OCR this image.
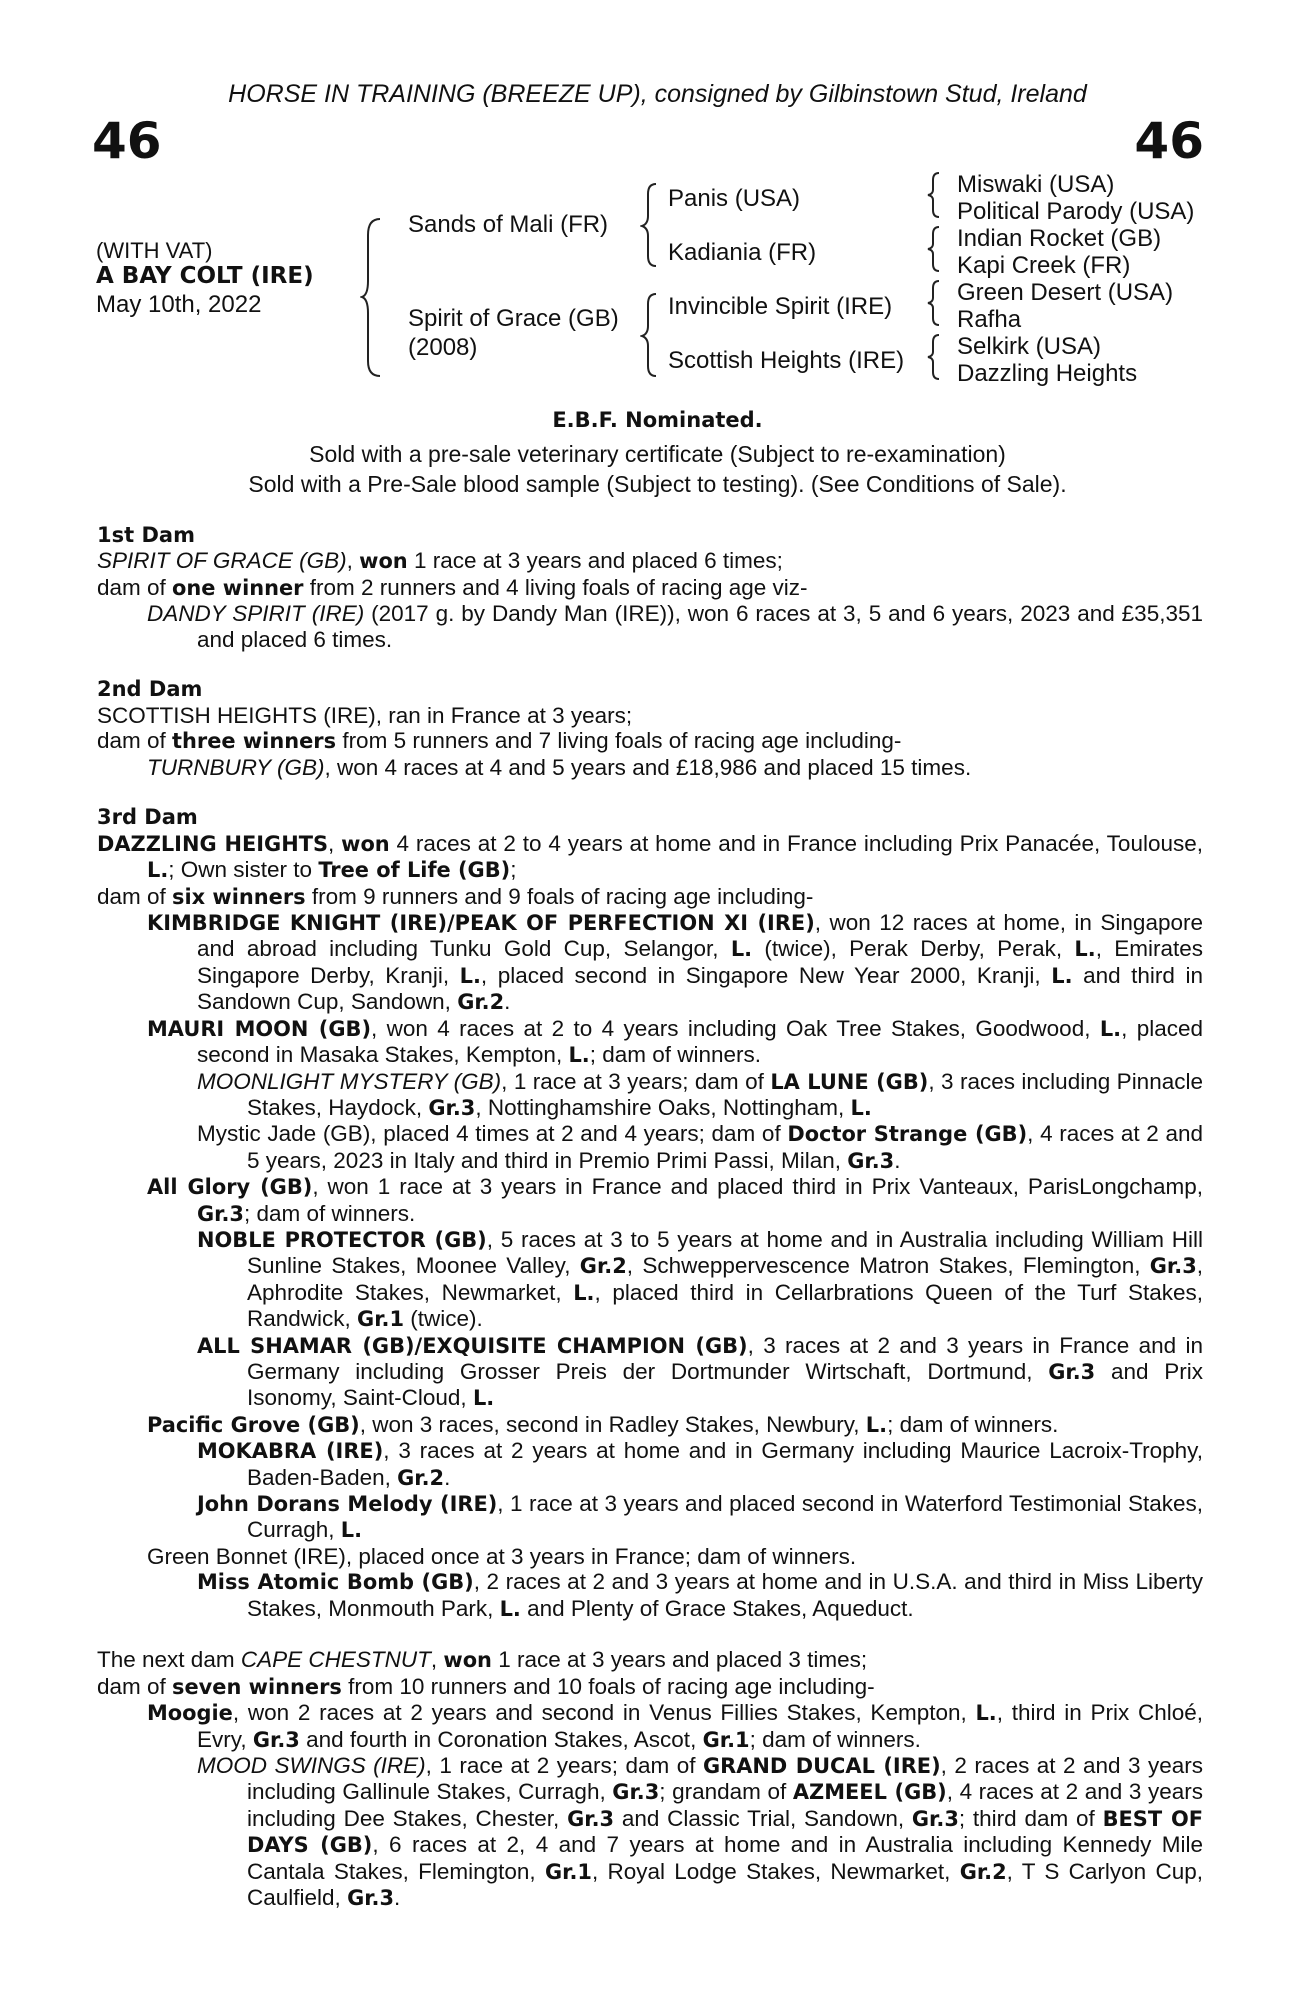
HORSE IN TRAINING (BREEZE UP), consigned by Gilbinstown Stud, Ireland
46	46
(WITH VAT)
A BAY COLT (IRE)
May 10th, 2022
Sands of Mali (FR)
Spirit of Grace (GB)
(2008)
Panis (USA)
Kadiania (FR)
Invincible Spirit (IRE)
Scottish Heights (IRE)
Miswaki (USA)
Political Parody (USA)
Indian Rocket (GB)
Kapi Creek (FR)
Green Desert (USA)
Rafha
Selkirk (USA)
Dazzling Heights
E.B.F. Nominated.
Sold with a pre-sale veterinary certificate (Subject to re-examination)
Sold with a Pre-Sale blood sample (Subject to testing). (See Conditions of Sale).
1st Dam
SPIRIT OF GRACE (GB), won 1 race at 3 years and placed 6 times;
dam of one winner from 2 runners and 4 living foals of racing age viz-
DANDY SPIRIT (IRE) (2017 g. by Dandy Man (IRE)), won 6 races at 3, 5 and 6 years, 2023 and £35,351 and placed 6 times.
2nd Dam
SCOTTISH HEIGHTS (IRE), ran in France at 3 years;
dam of three winners from 5 runners and 7 living foals of racing age including-
TURNBURY (GB), won 4 races at 4 and 5 years and £18,986 and placed 15 times.
3rd Dam
DAZZLING HEIGHTS, won 4 races at 2 to 4 years at home and in France including Prix Panacée, Toulouse, L.; Own sister to Tree of Life (GB);
dam of six winners from 9 runners and 9 foals of racing age including-
KIMBRIDGE KNIGHT (IRE)/PEAK OF PERFECTION XI (IRE), won 12 races at home, in Singapore and abroad including Tunku Gold Cup, Selangor, L. (twice), Perak Derby, Perak, L., Emirates Singapore Derby, Kranji, L., placed second in Singapore New Year 2000, Kranji, L. and third in Sandown Cup, Sandown, Gr.2.
MAURI MOON (GB), won 4 races at 2 to 4 years including Oak Tree Stakes, Goodwood, L., placed second in Masaka Stakes, Kempton, L.; dam of winners.
MOONLIGHT MYSTERY (GB), 1 race at 3 years; dam of LA LUNE (GB), 3 races including Pinnacle Stakes, Haydock, Gr.3, Nottinghamshire Oaks, Nottingham, L.
Mystic Jade (GB), placed 4 times at 2 and 4 years; dam of Doctor Strange (GB), 4 races at 2 and 5 years, 2023 in Italy and third in Premio Primi Passi, Milan, Gr.3.
All Glory (GB), won 1 race at 3 years in France and placed third in Prix Vanteaux, ParisLongchamp, Gr.3; dam of winners.
NOBLE PROTECTOR (GB), 5 races at 3 to 5 years at home and in Australia including William Hill Sunline Stakes, Moonee Valley, Gr.2, Schweppervescence Matron Stakes, Flemington, Gr.3, Aphrodite Stakes, Newmarket, L., placed third in Cellarbrations Queen of the Turf Stakes, Randwick, Gr.1 (twice).
ALL SHAMAR (GB)/EXQUISITE CHAMPION (GB), 3 races at 2 and 3 years in France and in Germany including Grosser Preis der Dortmunder Wirtschaft, Dortmund, Gr.3 and Prix Isonomy, Saint-Cloud, L.
Pacific Grove (GB), won 3 races, second in Radley Stakes, Newbury, L.; dam of winners.
MOKABRA (IRE), 3 races at 2 years at home and in Germany including Maurice Lacroix-Trophy, Baden-Baden, Gr.2.
John Dorans Melody (IRE), 1 race at 3 years and placed second in Waterford Testimonial Stakes, Curragh, L.
Green Bonnet (IRE), placed once at 3 years in France; dam of winners.
Miss Atomic Bomb (GB), 2 races at 2 and 3 years at home and in U.S.A. and third in Miss Liberty Stakes, Monmouth Park, L. and Plenty of Grace Stakes, Aqueduct.
The next dam CAPE CHESTNUT, won 1 race at 3 years and placed 3 times;
dam of seven winners from 10 runners and 10 foals of racing age including-
Moogie, won 2 races at 2 years and second in Venus Fillies Stakes, Kempton, L., third in Prix Chloé, Evry, Gr.3 and fourth in Coronation Stakes, Ascot, Gr.1; dam of winners.
MOOD SWINGS (IRE), 1 race at 2 years; dam of GRAND DUCAL (IRE), 2 races at 2 and 3 years including Gallinule Stakes, Curragh, Gr.3; grandam of AZMEEL (GB), 4 races at 2 and 3 years including Dee Stakes, Chester, Gr.3 and Classic Trial, Sandown, Gr.3; third dam of BEST OF DAYS (GB), 6 races at 2, 4 and 7 years at home and in Australia including Kennedy Mile Cantala Stakes, Flemington, Gr.1, Royal Lodge Stakes, Newmarket, Gr.2, T S Carlyon Cup, Caulfield, Gr.3.
